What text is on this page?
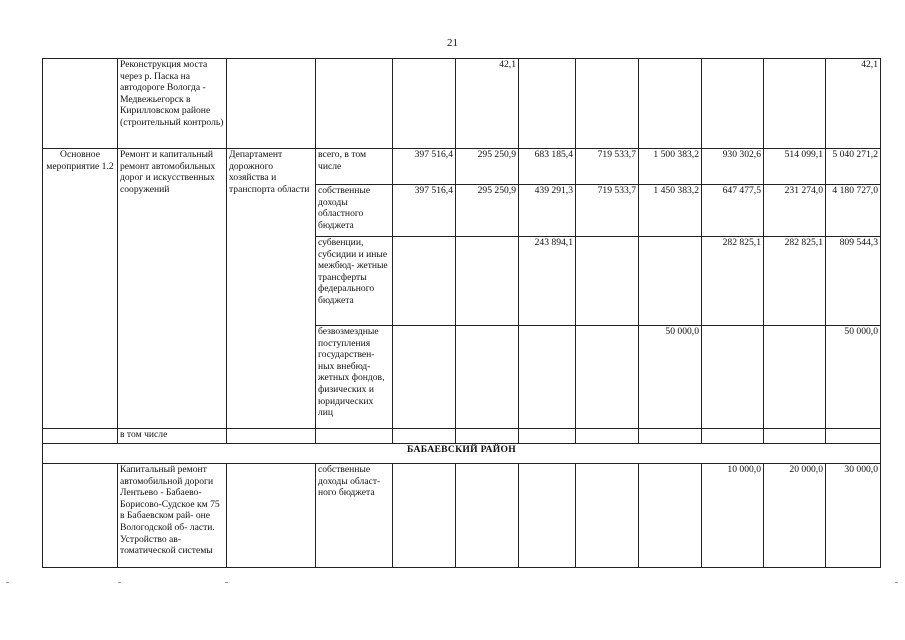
21
	Реконструкция моста через р. Паска на автодороге Вологда - Медвежьегорск в Кирилловском районе (строительный контроль)				42,1						42,1
Основное мероприятие 1.2	Ремонт и капитальный ремонт автомобильных дорог и искусственных сооружений	Департамент дорожного хозяйства и транспорта области	всего, в том числе	397 516,4	295 250,9	683 185,4	719 533,7	1 500 383,2	930 302,6	514 099,1	5 040 271,2
			собственные доходы областного бюджета	397 516,4	295 250,9	439 291,3	719 533,7	1 450 383,2	647 477,5	231 274,0	4 180 727,0
			субвенции, субсидии и иные межбюд- жетные трансферты федерального бюджета			243 894,1			282 825,1	282 825,1	809 544,3
			безвозмездные поступления государствен- ных внебюд- жетных фондов, физических и юридических лиц					50 000,0			50 000,0
	в том числе										
БАБАЕВСКИЙ РАЙОН											
	Капитальный ремонт автомобильной дороги Лентьево - Бабаево- Борисово-Судское км 75 в Бабаевском рай- оне Вологодской об- ласти. Устройство ав- томатической системы		собственные доходы област- ного бюджета						10 000,0	20 000,0	30 000,0
